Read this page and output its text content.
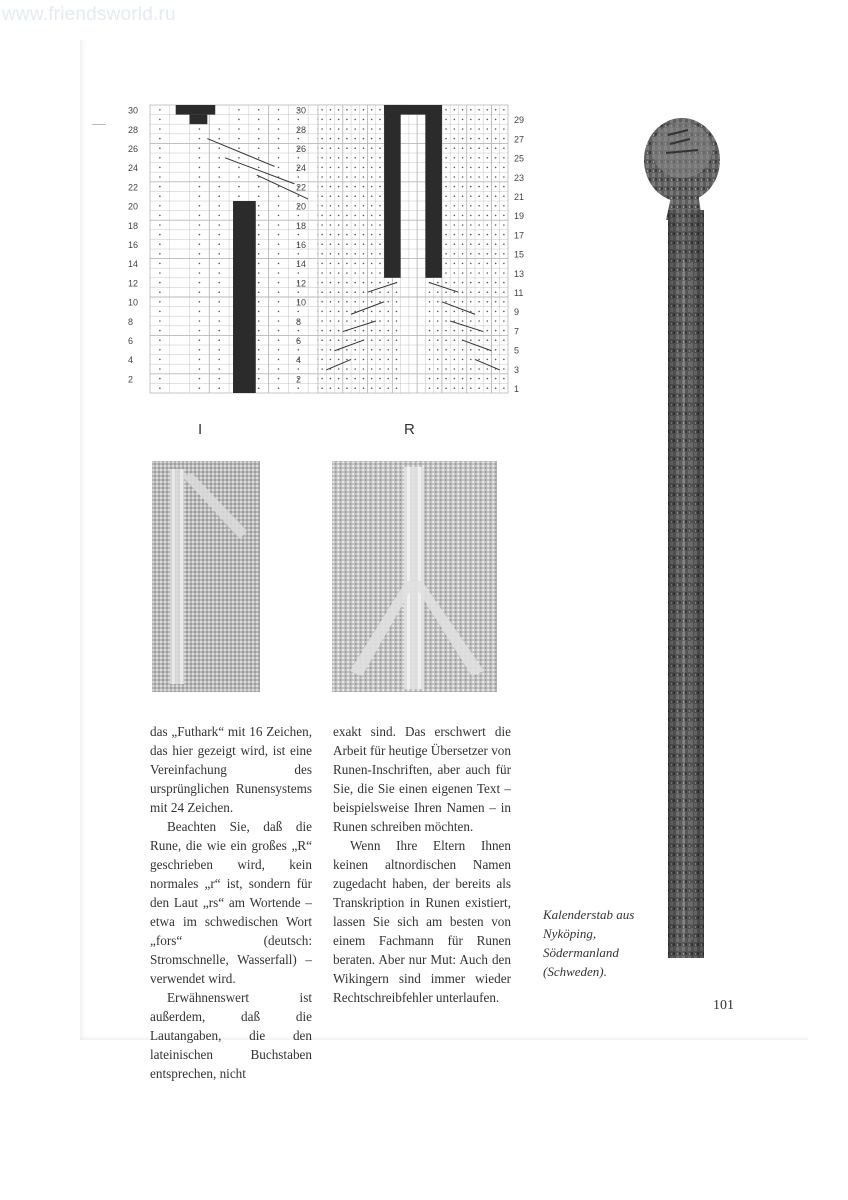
www.friendsworld.ru
30
28
26
24
22
20
18
16
14
12
10
8
6
4
2
30
28
26
24
22
20
18
16
14
12
10
8
6
4
2
29
27
25
23
21
19
17
15
13
11
9
7
5
3
1
I	R

das „Futhark“ mit 16 Zeichen, das hier gezeigt wird, ist eine Vereinfachung des ursprünglichen Runensystems mit 24 Zeichen.

Beachten Sie, daß die Rune, die wie ein großes „R“ geschrieben wird, kein normales „r“ ist, sondern für den Laut „rs“ am Wortende – etwa im schwedischen Wort „fors“ (deutsch: Stromschnelle, Wasserfall) – verwendet wird.

Erwähnenswert ist außerdem, daß die Lautangaben, die den lateinischen Buchstaben entsprechen, nicht

exakt sind. Das erschwert die Arbeit für heutige Übersetzer von Runen-Inschriften, aber auch für Sie, die Sie einen eigenen Text – beispielsweise Ihren Namen – in Runen schreiben möchten.

Wenn Ihre Eltern Ihnen keinen altnordischen Namen zugedacht haben, der bereits als Transkription in Runen existiert, lassen Sie sich am besten von einem Fachmann für Runen beraten. Aber nur Mut: Auch den Wikingern sind immer wieder Rechtschreibfehler unterlaufen.

Kalenderstab aus Nyköping, Södermanland (Schweden).
101
